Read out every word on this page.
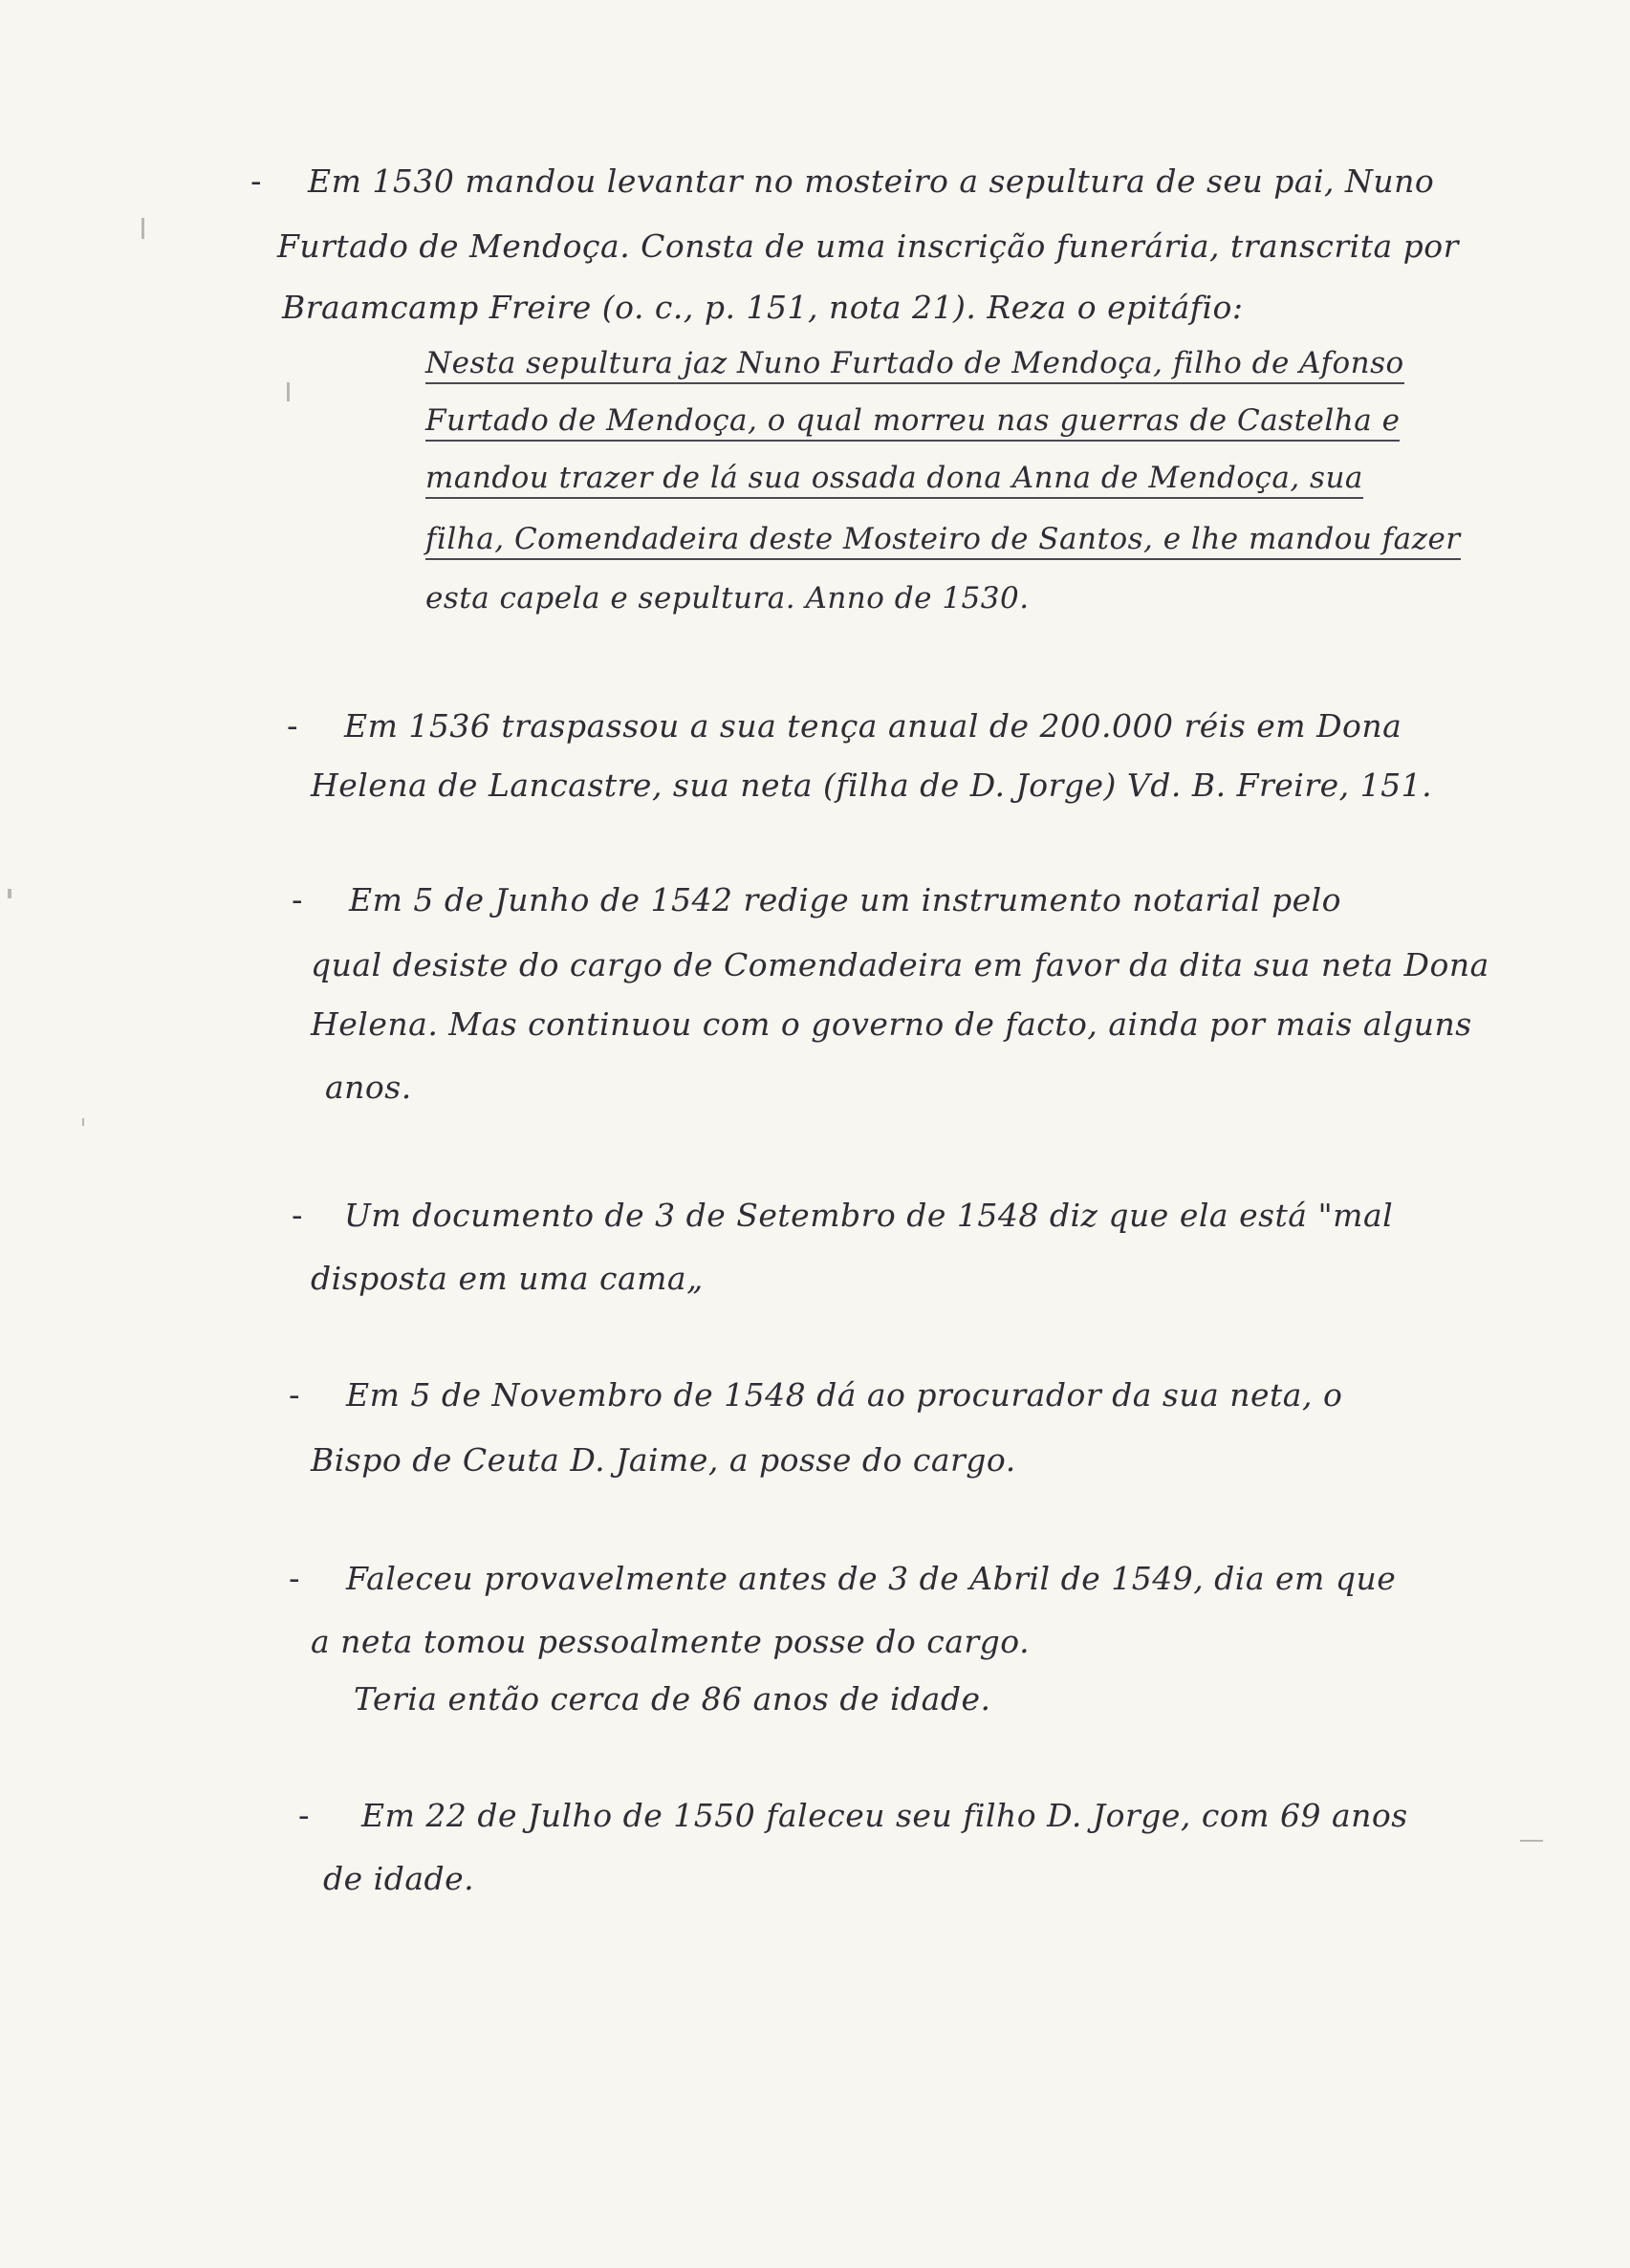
- Em 1530 mandou levantar no mosteiro a sepultura de seu pai, Nuno
Furtado de Mendoça. Consta de uma inscrição funerária, transcrita por
Braamcamp Freire (o. c., p. 151, nota 21). Reza o epitáfio:
Nesta sepultura jaz Nuno Furtado de Mendoça, filho de Afonso
Furtado de Mendoça, o qual morreu nas guerras de Castelha e
mandou trazer de lá sua ossada dona Anna de Mendoça, sua
filha, Comendadeira deste Mosteiro de Santos, e lhe mandou fazer
esta capela e sepultura. Anno de 1530.
- Em 1536 traspassou a sua tença anual de 200.000 réis em Dona
Helena de Lancastre, sua neta (filha de D. Jorge) Vd. B. Freire, 151.
- Em 5 de Junho de 1542 redige um instrumento notarial pelo
qual desiste do cargo de Comendadeira em favor da dita sua neta Dona
Helena. Mas continuou com o governo de facto, ainda por mais alguns
anos.
- Um documento de 3 de Setembro de 1548 diz que ela está "mal
disposta em uma cama„
- Em 5 de Novembro de 1548 dá ao procurador da sua neta, o
Bispo de Ceuta D. Jaime, a posse do cargo.
- Faleceu provavelmente antes de 3 de Abril de 1549, dia em que
a neta tomou pessoalmente posse do cargo.
Teria então cerca de 86 anos de idade.
- Em 22 de Julho de 1550 faleceu seu filho D. Jorge, com 69 anos
de idade.
